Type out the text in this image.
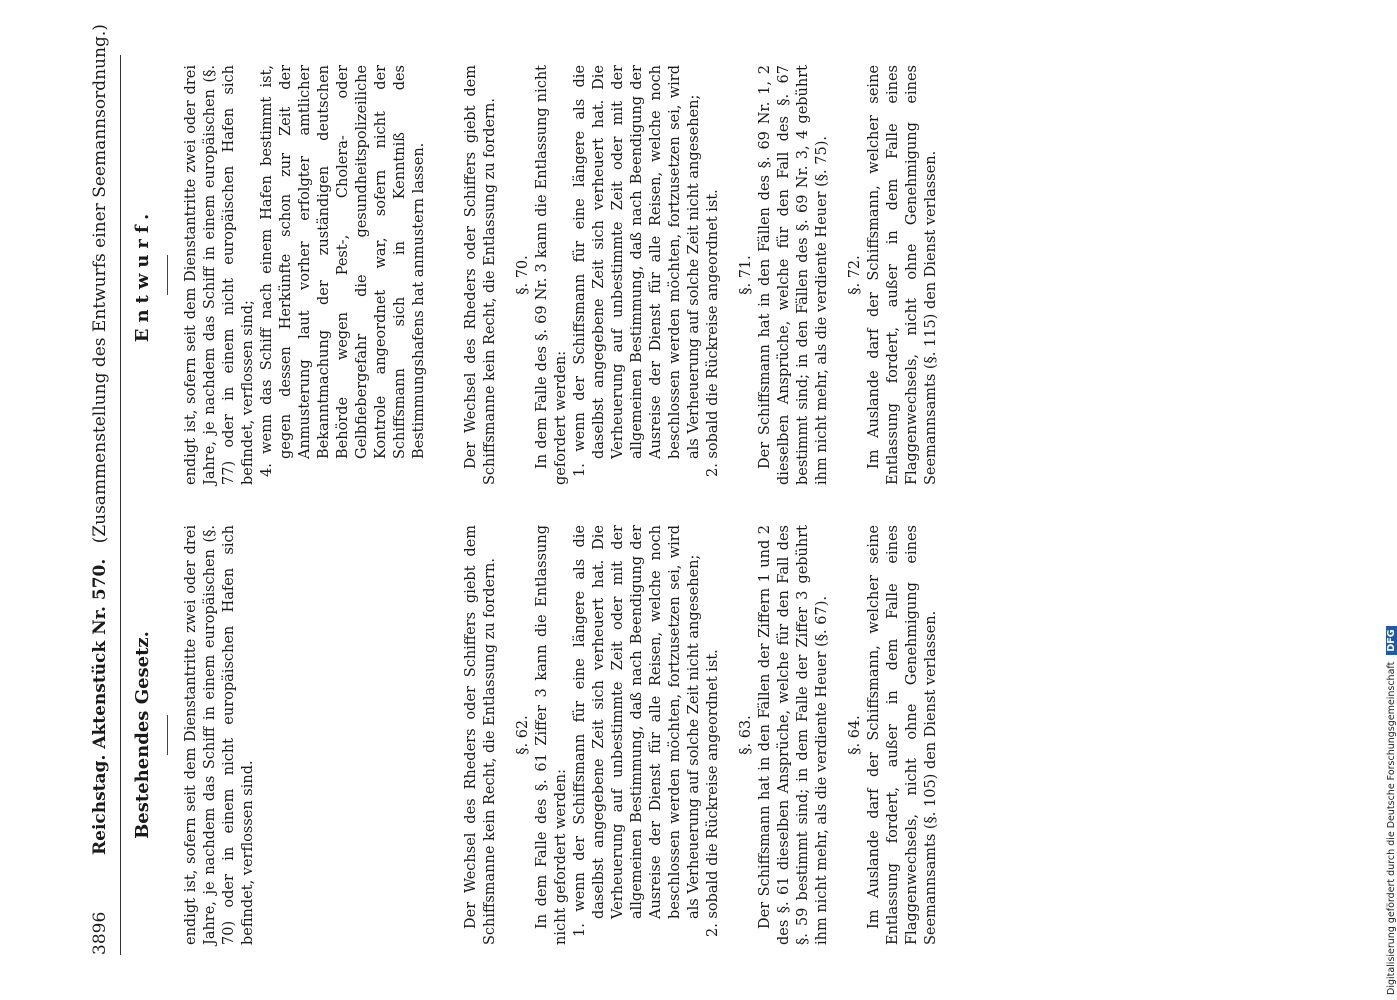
3896
Reichstag. Aktenstück Nr. 570. (Zusammenstellung des Entwurfs einer Seemannsordnung.)
Bestehendes Gesetz. endigt ist, sofern seit dem Dienstantritte zwei oder drei Jahre, je nachdem das Schiff in einem europäischen (§. 70) oder in einem nicht europäischen Hafen sich befindet, verflossen sind.	Der Wechsel des Rheders oder Schiffers giebt dem Schiffsmanne kein Recht, die Entlassung zu fordern. §. 62. In dem Falle des §. 61 Ziffer 3 kann die Entlassung nicht gefordert werden: 1. wenn der Schiffsmann für eine längere als die daselbst angegebene Zeit sich verheuert hat. Die Verheuerung auf unbestimmte Zeit oder mit der allgemeinen Bestimmung, daß nach Beendigung der Ausreise der Dienst für alle Reisen, welche noch beschlossen werden möchten, fortzusetzen sei, wird als Verheuerung auf solche Zeit nicht angesehen; 2. sobald die Rückreise angeordnet ist. §. 63. Der Schiffsmann hat in den Fällen der Ziffern 1 und 2 des §. 61 dieselben Ansprüche, welche für den Fall des §. 59 bestimmt sind; in dem Falle der Ziffer 3 gebührt ihm nicht mehr, als die verdiente Heuer (§. 67). §. 64. Im Auslande darf der Schiffsmann, welcher seine Entlassung fordert, außer in dem Falle eines Flaggenwechsels, nicht ohne Genehmigung eines Seemannsamts (§. 105) den Dienst verlassen.

Entwurf. endigt ist, sofern seit dem Dienstantritte zwei oder drei Jahre, je nachdem das Schiff in einem europäischen (§. 77) oder in einem nicht europäischen Hafen sich befindet, verflossen sind; 4. wenn das Schiff nach einem Hafen bestimmt ist, gegen dessen Herkünfte schon zur Zeit der Anmusterung laut vorher erfolgter amtlicher Bekanntmachung der zuständigen deutschen Behörde wegen Pest-, Cholera- oder Gelbfiebergefahr die gesundheitspolizeiliche Kontrole angeordnet war, sofern nicht der Schiffsmann sich in Kenntniß des Bestimmungshafens hat anmustern lassen. Der Wechsel des Rheders oder Schiffers giebt dem Schiffsmanne kein Recht, die Entlassung zu fordern. §. 70. In dem Falle des §. 69 Nr. 3 kann die Entlassung nicht gefordert werden: 1. wenn der Schiffsmann für eine längere als die daselbst angegebene Zeit sich verheuert hat. Die Verheuerung auf unbestimmte Zeit oder mit der allgemeinen Bestimmung, daß nach Beendigung der Ausreise der Dienst für alle Reisen, welche noch beschlossen werden möchten, fortzusetzen sei, wird als Verheuerung auf solche Zeit nicht angesehen; 2. sobald die Rückreise angeordnet ist. §. 71. Der Schiffsmann hat in den Fällen des §. 69 Nr. 1, 2 dieselben Ansprüche, welche für den Fall des §. 67 bestimmt sind; in den Fällen des §. 69 Nr. 3, 4 gebührt ihm nicht mehr, als die verdiente Heuer (§. 75). §. 72. Im Auslande darf der Schiffsmann, welcher seine Entlassung fordert, außer in dem Falle eines Flaggenwechsels, nicht ohne Genehmigung eines Seemannsamts (§. 115) den Dienst verlassen.

Digitalisierung gefördert durch die Deutsche Forschungsgemeinschaft DFG
